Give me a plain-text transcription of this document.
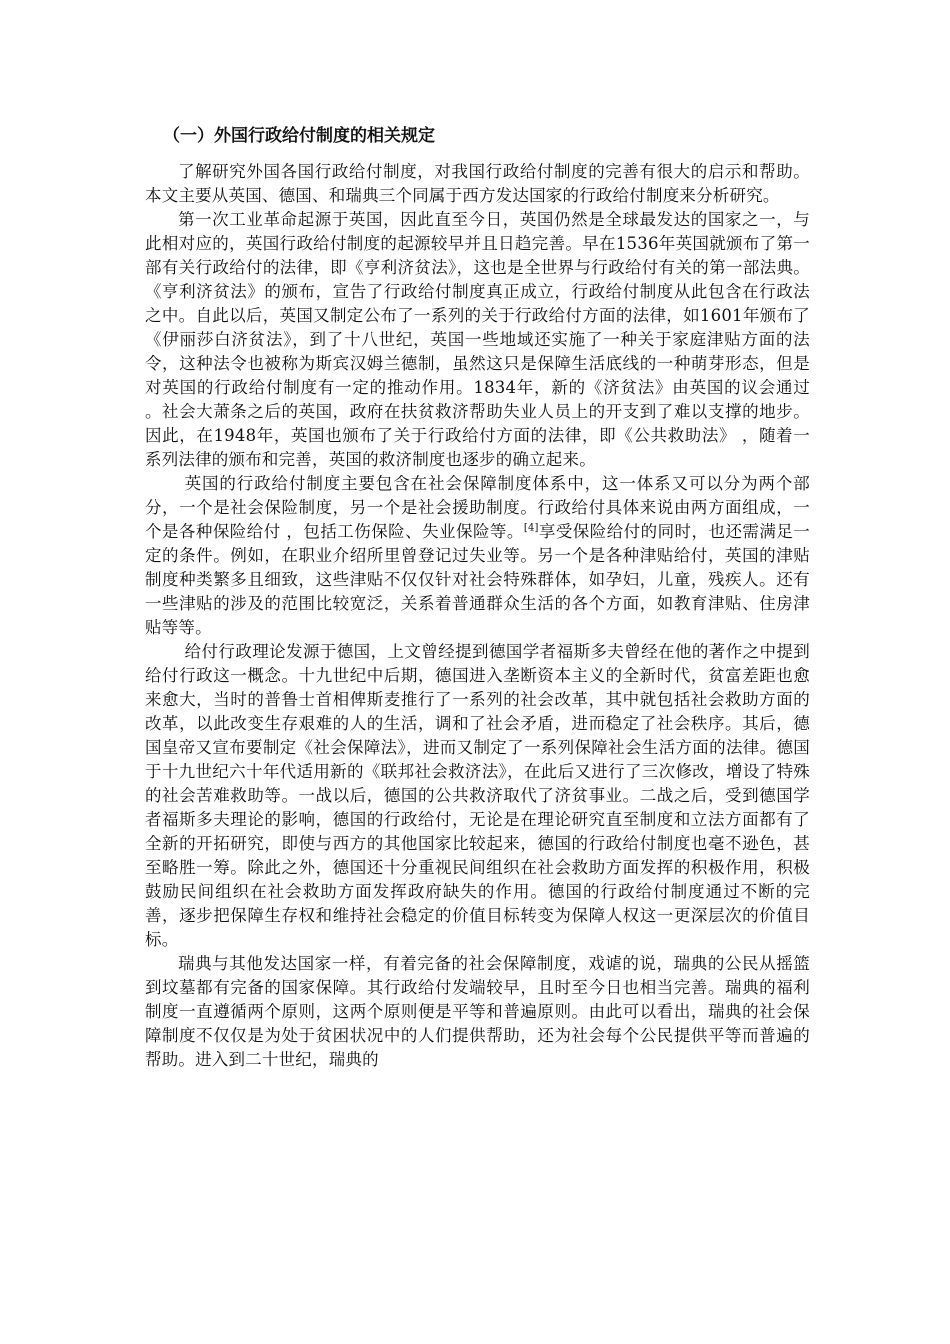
（一）外国行政给付制度的相关规定

了解研究外国各国行政给付制度，对我国行政给付制度的完善有很大的启示和帮助。本文主要从英国、德国、和瑞典三个同属于西方发达国家的行政给付制度来分析研究。

第一次工业革命起源于英国，因此直至今日，英国仍然是全球最发达的国家之一，与此相对应的，英国行政给付制度的起源较早并且日趋完善。早在1536年英国就颁布了第一部有关行政给付的法律，即《亨利济贫法》，这也是全世界与行政给付有关的第一部法典。《亨利济贫法》的颁布，宣告了行政给付制度真正成立，行政给付制度从此包含在行政法之中。自此以后，英国又制定公布了一系列的关于行政给付方面的法律，如1601年颁布了《伊丽莎白济贫法》，到了十八世纪，英国一些地域还实施了一种关于家庭津贴方面的法令，这种法令也被称为斯宾汉姆兰德制，虽然这只是保障生活底线的一种萌芽形态，但是对英国的行政给付制度有一定的推动作用。1834年，新的《济贫法》由英国的议会通过 。社会大萧条之后的英国，政府在扶贫救济帮助失业人员上的开支到了难以支撑的地步。因此，在1948年，英国也颁布了关于行政给付方面的法律，即《公共救助法》 ，随着一系列法律的颁布和完善，英国的救济制度也逐步的确立起来。

英国的行政给付制度主要包含在社会保障制度体系中，这一体系又可以分为两个部分，一个是社会保险制度，另一个是社会援助制度。行政给付具体来说由两方面组成，一个是各种保险给付 ，包括工伤保险、失业保险等。[4]享受保险给付的同时，也还需满足一定的条件。例如，在职业介绍所里曾登记过失业等。另一个是各种津贴给付，英国的津贴制度种类繁多且细致，这些津贴不仅仅针对社会特殊群体，如孕妇，儿童，残疾人。还有一些津贴的涉及的范围比较宽泛，关系着普通群众生活的各个方面，如教育津贴、住房津贴等等。

给付行政理论发源于德国，上文曾经提到德国学者福斯多夫曾经在他的著作之中提到给付行政这一概念。十九世纪中后期，德国进入垄断资本主义的全新时代，贫富差距也愈来愈大，当时的普鲁士首相俾斯麦推行了一系列的社会改革，其中就包括社会救助方面的改革，以此改变生存艰难的人的生活，调和了社会矛盾，进而稳定了社会秩序。其后，德国皇帝又宣布要制定《社会保障法》，进而又制定了一系列保障社会生活方面的法律。德国于十九世纪六十年代适用新的《联邦社会救济法》，在此后又进行了三次修改，增设了特殊的社会苦难救助等。一战以后，德国的公共救济取代了济贫事业。二战之后，受到德国学者福斯多夫理论的影响，德国的行政给付，无论是在理论研究直至制度和立法方面都有了全新的开拓研究，即使与西方的其他国家比较起来，德国的行政给付制度也毫不逊色，甚至略胜一筹。除此之外，德国还十分重视民间组织在社会救助方面发挥的积极作用，积极鼓励民间组织在社会救助方面发挥政府缺失的作用。德国的行政给付制度通过不断的完善，逐步把保障生存权和维持社会稳定的价值目标转变为保障人权这一更深层次的价值目标。

瑞典与其他发达国家一样，有着完备的社会保障制度，戏谑的说，瑞典的公民从摇篮到坟墓都有完备的国家保障。其行政给付发端较早，且时至今日也相当完善。瑞典的福利制度一直遵循两个原则，这两个原则便是平等和普遍原则。由此可以看出，瑞典的社会保障制度不仅仅是为处于贫困状况中的人们提供帮助，还为社会每个公民提供平等而普遍的帮助。进入到二十世纪，瑞典的
